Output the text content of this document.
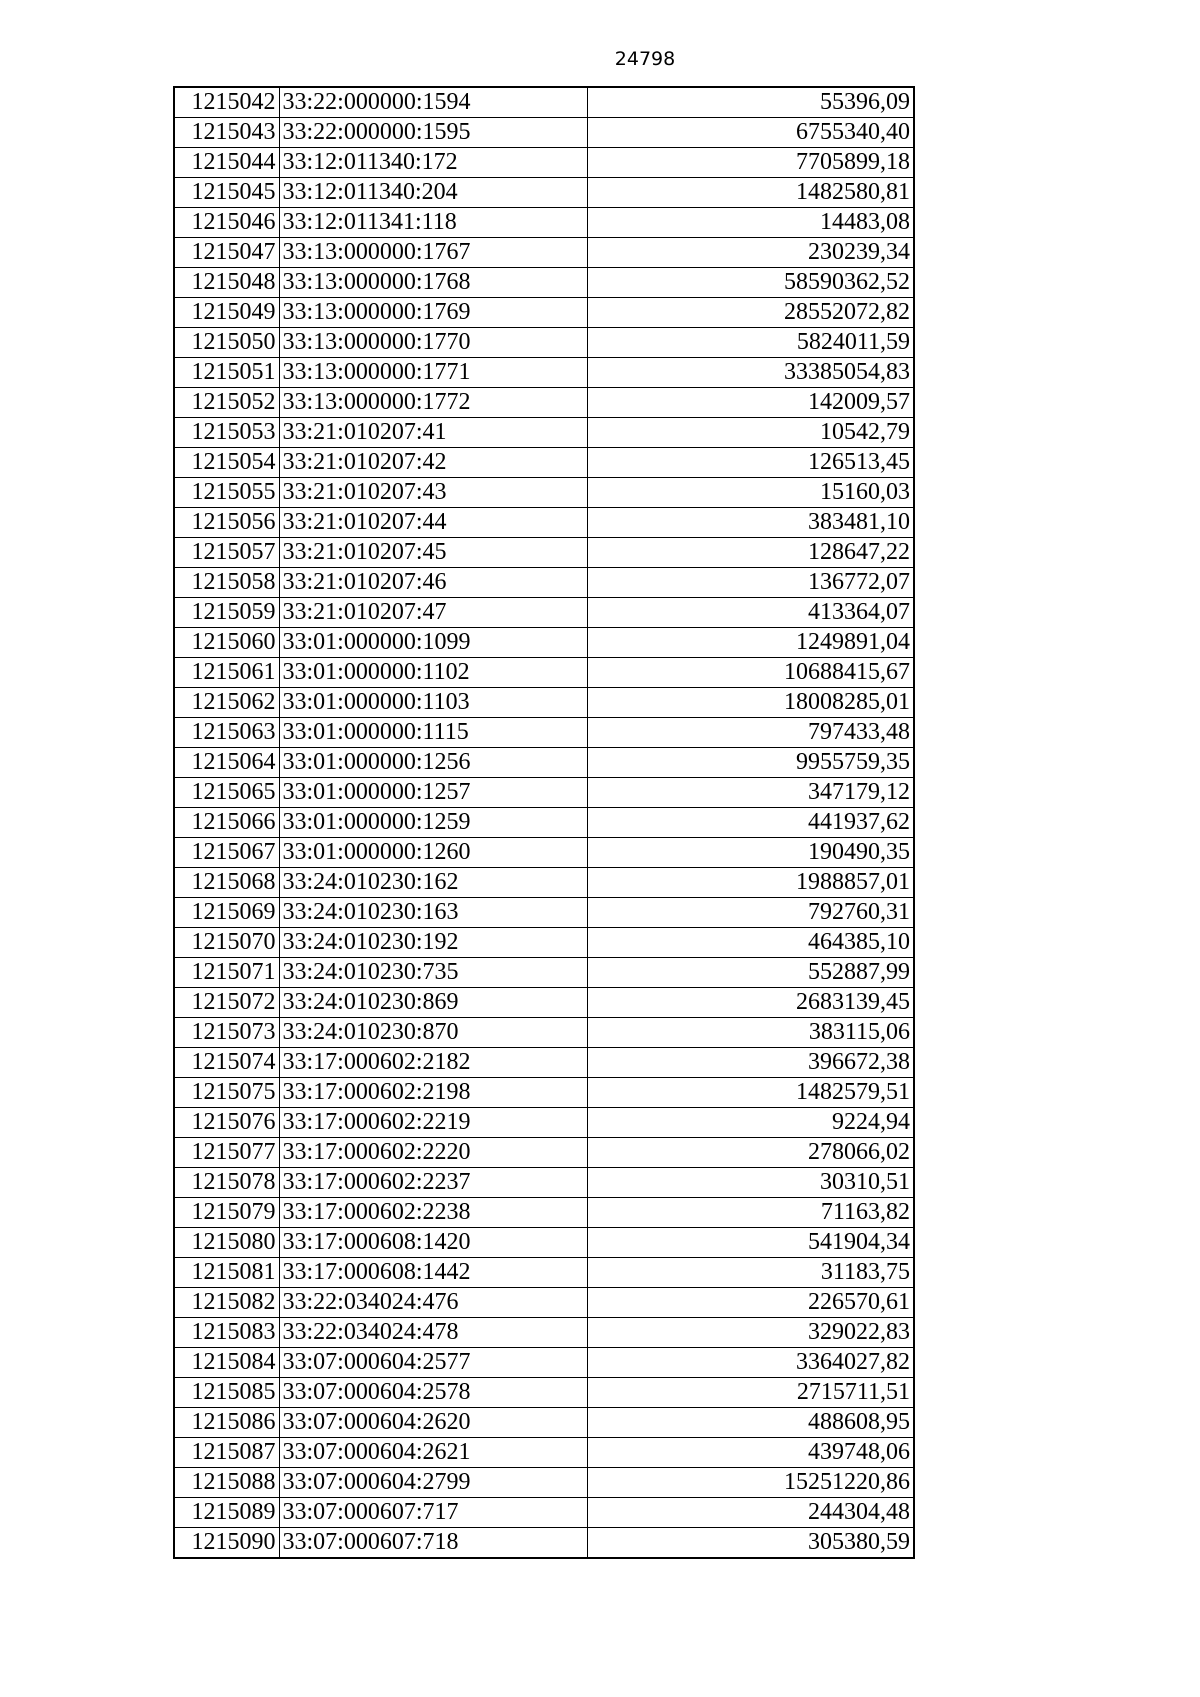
24798
1215042	33:22:000000:1594	55396,09
1215043	33:22:000000:1595	6755340,40
1215044	33:12:011340:172	7705899,18
1215045	33:12:011340:204	1482580,81
1215046	33:12:011341:118	14483,08
1215047	33:13:000000:1767	230239,34
1215048	33:13:000000:1768	58590362,52
1215049	33:13:000000:1769	28552072,82
1215050	33:13:000000:1770	5824011,59
1215051	33:13:000000:1771	33385054,83
1215052	33:13:000000:1772	142009,57
1215053	33:21:010207:41	10542,79
1215054	33:21:010207:42	126513,45
1215055	33:21:010207:43	15160,03
1215056	33:21:010207:44	383481,10
1215057	33:21:010207:45	128647,22
1215058	33:21:010207:46	136772,07
1215059	33:21:010207:47	413364,07
1215060	33:01:000000:1099	1249891,04
1215061	33:01:000000:1102	10688415,67
1215062	33:01:000000:1103	18008285,01
1215063	33:01:000000:1115	797433,48
1215064	33:01:000000:1256	9955759,35
1215065	33:01:000000:1257	347179,12
1215066	33:01:000000:1259	441937,62
1215067	33:01:000000:1260	190490,35
1215068	33:24:010230:162	1988857,01
1215069	33:24:010230:163	792760,31
1215070	33:24:010230:192	464385,10
1215071	33:24:010230:735	552887,99
1215072	33:24:010230:869	2683139,45
1215073	33:24:010230:870	383115,06
1215074	33:17:000602:2182	396672,38
1215075	33:17:000602:2198	1482579,51
1215076	33:17:000602:2219	9224,94
1215077	33:17:000602:2220	278066,02
1215078	33:17:000602:2237	30310,51
1215079	33:17:000602:2238	71163,82
1215080	33:17:000608:1420	541904,34
1215081	33:17:000608:1442	31183,75
1215082	33:22:034024:476	226570,61
1215083	33:22:034024:478	329022,83
1215084	33:07:000604:2577	3364027,82
1215085	33:07:000604:2578	2715711,51
1215086	33:07:000604:2620	488608,95
1215087	33:07:000604:2621	439748,06
1215088	33:07:000604:2799	15251220,86
1215089	33:07:000607:717	244304,48
1215090	33:07:000607:718	305380,59
